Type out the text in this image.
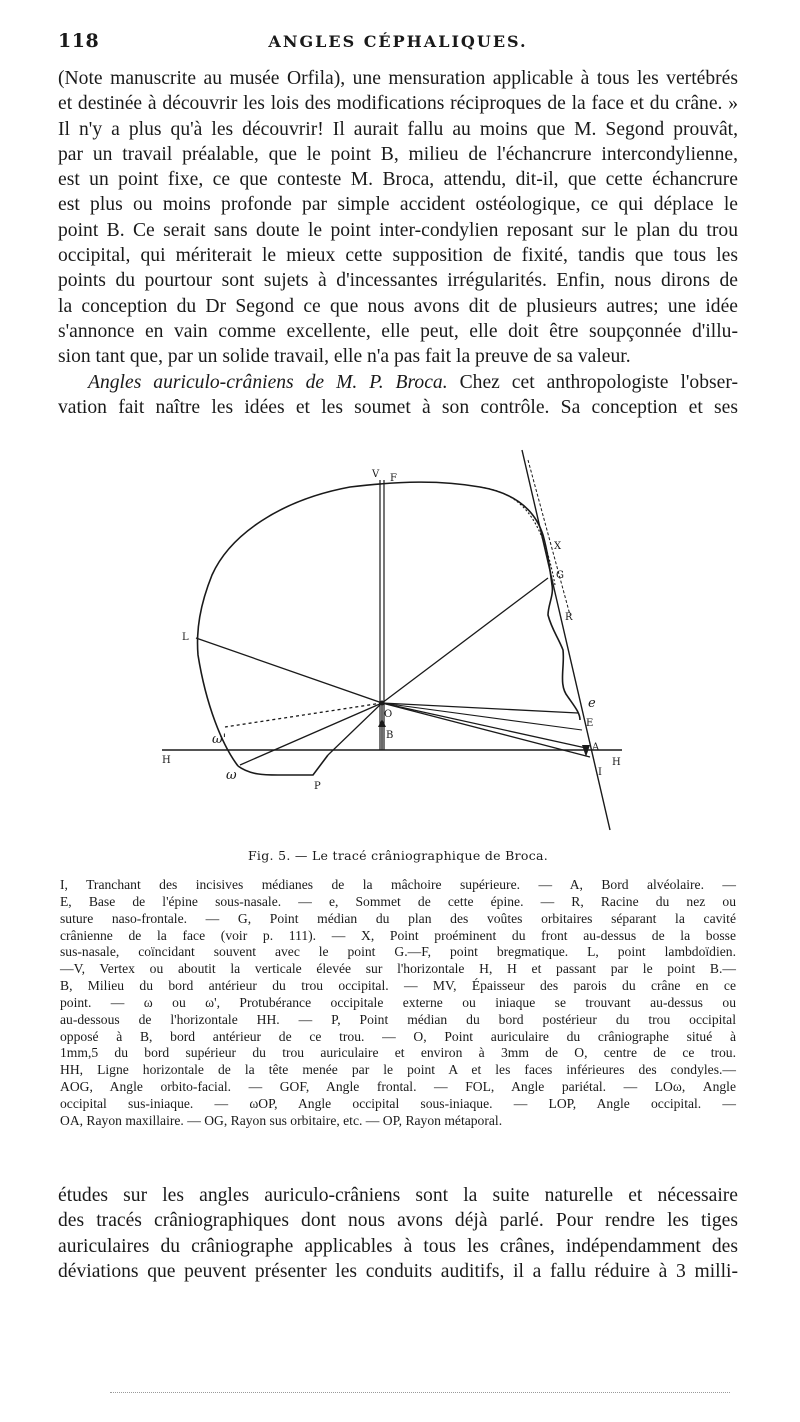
118	ANGLES CÉPHALIQUES.

(Note manuscrite au musée Orfila), une mensuration applicable à tous les vertébrés

et destinée à découvrir les lois des modifications réciproques de la face et du crâne. »

Il n'y a plus qu'à les découvrir! Il aurait fallu au moins que M. Segond prouvât,

par un travail préalable, que le point B, milieu de l'échancrure intercondylienne,

est un point fixe, ce que conteste M. Broca, attendu, dit-il, que cette échancrure

est plus ou moins profonde par simple accident ostéologique, ce qui déplace le

point B. Ce serait sans doute le point inter-condylien reposant sur le plan du trou

occipital, qui mériterait le mieux cette supposition de fixité, tandis que tous les

points du pourtour sont sujets à d'incessantes irrégularités. Enfin, nous dirons de

la conception du Dr Segond ce que nous avons dit de plusieurs autres; une idée

s'annonce en vain comme excellente, elle peut, elle doit être soupçonnée d'illu-

sion tant que, par un solide travail, elle n'a pas fait la preuve de sa valeur.

Angles auriculo-crâniens de M. P. Broca. Chez cet anthropologiste l'obser-

vation fait naître les idées et les soumet à son contrôle. Sa conception et ses

V F
X
G
R
L
O
ω'	B
H	H
ω
P
A
I
E
e
Fig. 5. — Le tracé crâniographique de Broca.

I, Tranchant des incisives médianes de la mâchoire supérieure. — A, Bord alvéolaire. —

E, Base de l'épine sous-nasale. — e, Sommet de cette épine. — R, Racine du nez ou

suture naso-frontale. — G, Point médian du plan des voûtes orbitaires séparant la cavité

crânienne de la face (voir p. 111). — X, Point proéminent du front au-dessus de la bosse

sus-nasale, coïncidant souvent avec le point G.—F, point bregmatique. L, point lambdoïdien.

—V, Vertex ou aboutit la verticale élevée sur l'horizontale H, H et passant par le point B.—

B, Milieu du bord antérieur du trou occipital. — MV, Épaisseur des parois du crâne en ce

point. — ω ou ω', Protubérance occipitale externe ou iniaque se trouvant au-dessus ou

au-dessous de l'horizontale HH. — P, Point médian du bord postérieur du trou occipital

opposé à B, bord antérieur de ce trou. — O, Point auriculaire du crâniographe situé à

1mm,5 du bord supérieur du trou auriculaire et environ à 3mm de O, centre de ce trou.

HH, Ligne horizontale de la tête menée par le point A et les faces inférieures des condyles.—

AOG, Angle orbito-facial. — GOF, Angle frontal. — FOL, Angle pariétal. — LOω, Angle

occipital sus-iniaque. — ωOP, Angle occipital sous-iniaque. — LOP, Angle occipital. —

OA, Rayon maxillaire. — OG, Rayon sus orbitaire, etc. — OP, Rayon métaporal.

études sur les angles auriculo-crâniens sont la suite naturelle et nécessaire

des tracés crâniographiques dont nous avons déjà parlé. Pour rendre les tiges

auriculaires du crâniographe applicables à tous les crânes, indépendamment des

déviations que peuvent présenter les conduits auditifs, il a fallu réduire à 3 milli-
